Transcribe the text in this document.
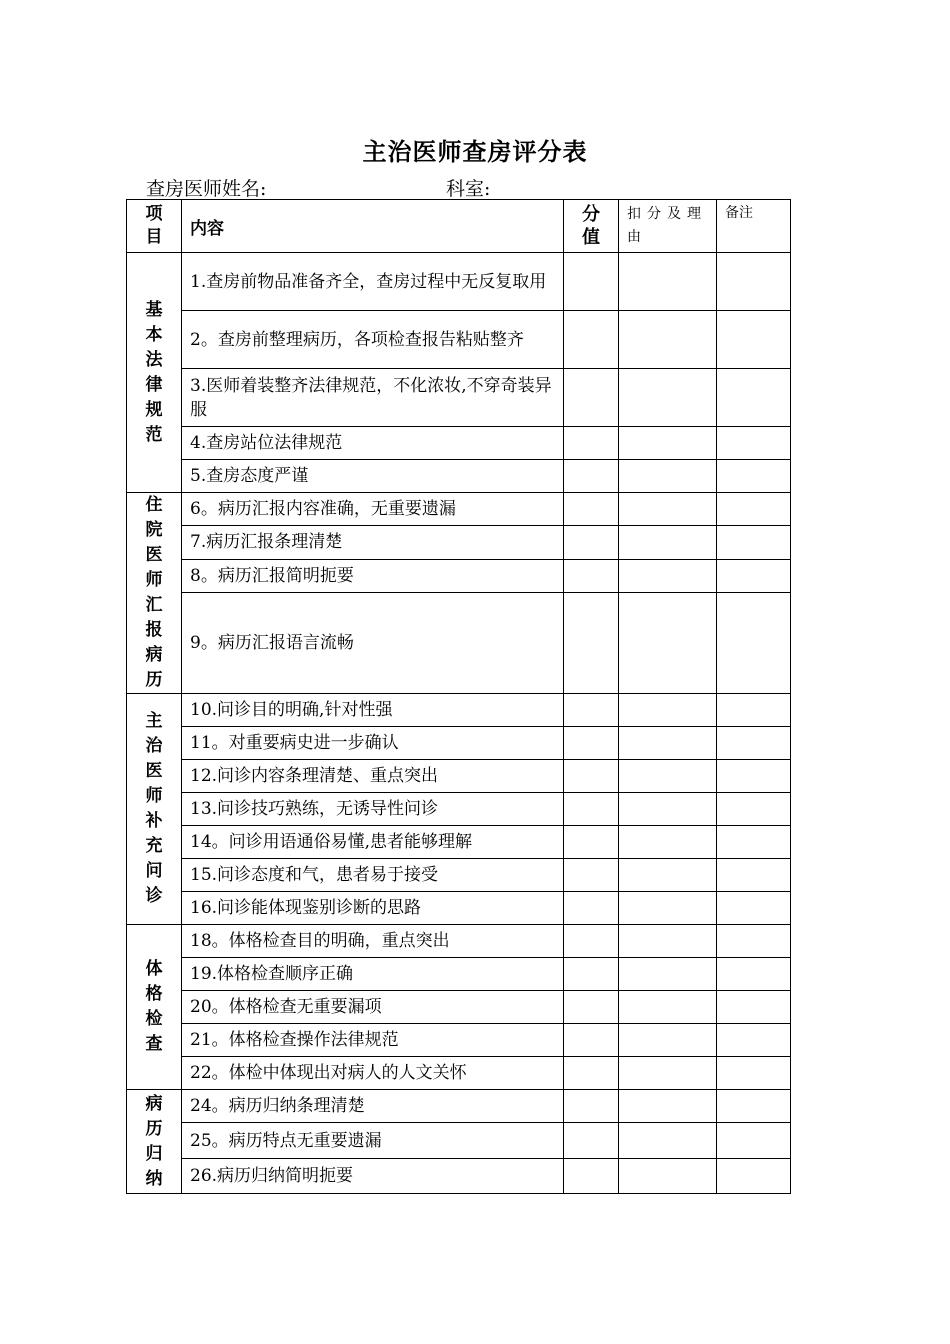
主治医师查房评分表
查房医师姓名:	科室:
项目	内容	分值	扣分及理由	备注
基本法律规范	1.查房前物品准备齐全，查房过程中无反复取用			
	2。查房前整理病历，各项检查报告粘贴整齐			
	3.医师着装整齐法律规范，不化浓妆,不穿奇装异服			
	4.查房站位法律规范			
	5.查房态度严谨			
住院医师汇报病历	6。病历汇报内容准确，无重要遗漏			
	7.病历汇报条理清楚			
	8。病历汇报简明扼要			
	9。病历汇报语言流畅			
主治医师补充问诊	10.问诊目的明确,针对性强			
	11。对重要病史进一步确认			
	12.问诊内容条理清楚、重点突出			
	13.问诊技巧熟练，无诱导性问诊			
	14。问诊用语通俗易懂,患者能够理解			
	15.问诊态度和气，患者易于接受			
	16.问诊能体现鉴别诊断的思路			
体格检查	18。体格检查目的明确，重点突出			
	19.体格检查顺序正确			
	20。体格检查无重要漏项			
	21。体格检查操作法律规范			
	22。体检中体现出对病人的人文关怀			
病历归纳	24。病历归纳条理清楚			
	25。病历特点无重要遗漏			
	26.病历归纳简明扼要			
